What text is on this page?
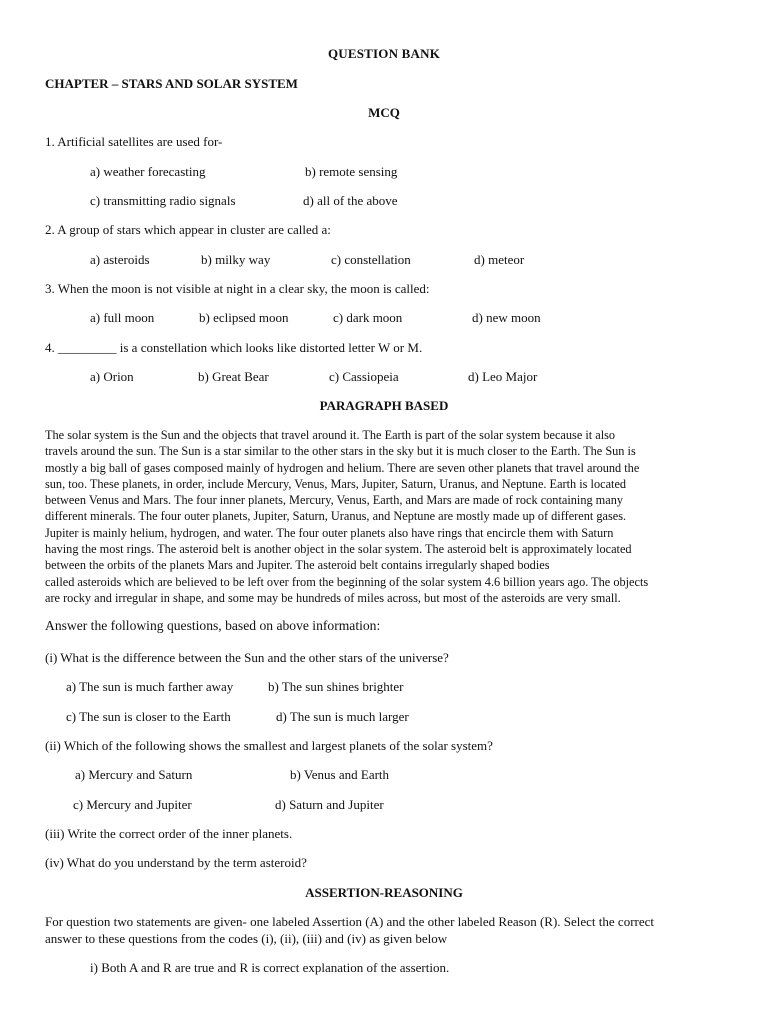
QUESTION BANK
CHAPTER – STARS AND SOLAR SYSTEM
MCQ
1. Artificial satellites are used for-
a) weather forecasting	b) remote sensing
c) transmitting radio signals	d) all of the above
2. A group of stars which appear in cluster are called a:
a) asteroids	b) milky way	c) constellation	d) meteor
3. When the moon is not visible at night in a clear sky, the moon is called:
a) full moon	b) eclipsed moon	c) dark moon	d) new moon
4. _________ is a constellation which looks like distorted letter W or M.
a) Orion	b) Great Bear	c) Cassiopeia	d) Leo Major
PARAGRAPH BASED
The solar system is the Sun and the objects that travel around it. The Earth is part of the solar system because it also
travels around the sun. The Sun is a star similar to the other stars in the sky but it is much closer to the Earth. The Sun is
mostly a big ball of gases composed mainly of hydrogen and helium. There are seven other planets that travel around the
sun, too. These planets, in order, include Mercury, Venus, Mars, Jupiter, Saturn, Uranus, and Neptune. Earth is located
between Venus and Mars. The four inner planets, Mercury, Venus, Earth, and Mars are made of rock containing many
different minerals. The four outer planets, Jupiter, Saturn, Uranus, and Neptune are mostly made up of different gases.
Jupiter is mainly helium, hydrogen, and water. The four outer planets also have rings that encircle them with Saturn
having the most rings. The asteroid belt is another object in the solar system. The asteroid belt is approximately located
between the orbits of the planets Mars and Jupiter. The asteroid belt contains irregularly shaped bodies
called asteroids which are believed to be left over from the beginning of the solar system 4.6 billion years ago. The objects
are rocky and irregular in shape, and some may be hundreds of miles across, but most of the asteroids are very small.
Answer the following questions, based on above information:
(i) What is the difference between the Sun and the other stars of the universe?
a) The sun is much farther away	b) The sun shines brighter
c) The sun is closer to the Earth	d) The sun is much larger
(ii) Which of the following shows the smallest and largest planets of the solar system?
a) Mercury and Saturn	b) Venus and Earth
c) Mercury and Jupiter	d) Saturn and Jupiter
(iii) Write the correct order of the inner planets.
(iv) What do you understand by the term asteroid?
ASSERTION-REASONING
For question two statements are given- one labeled Assertion (A) and the other labeled Reason (R). Select the correct
answer to these questions from the codes (i), (ii), (iii) and (iv) as given below
i) Both A and R are true and R is correct explanation of the assertion.
